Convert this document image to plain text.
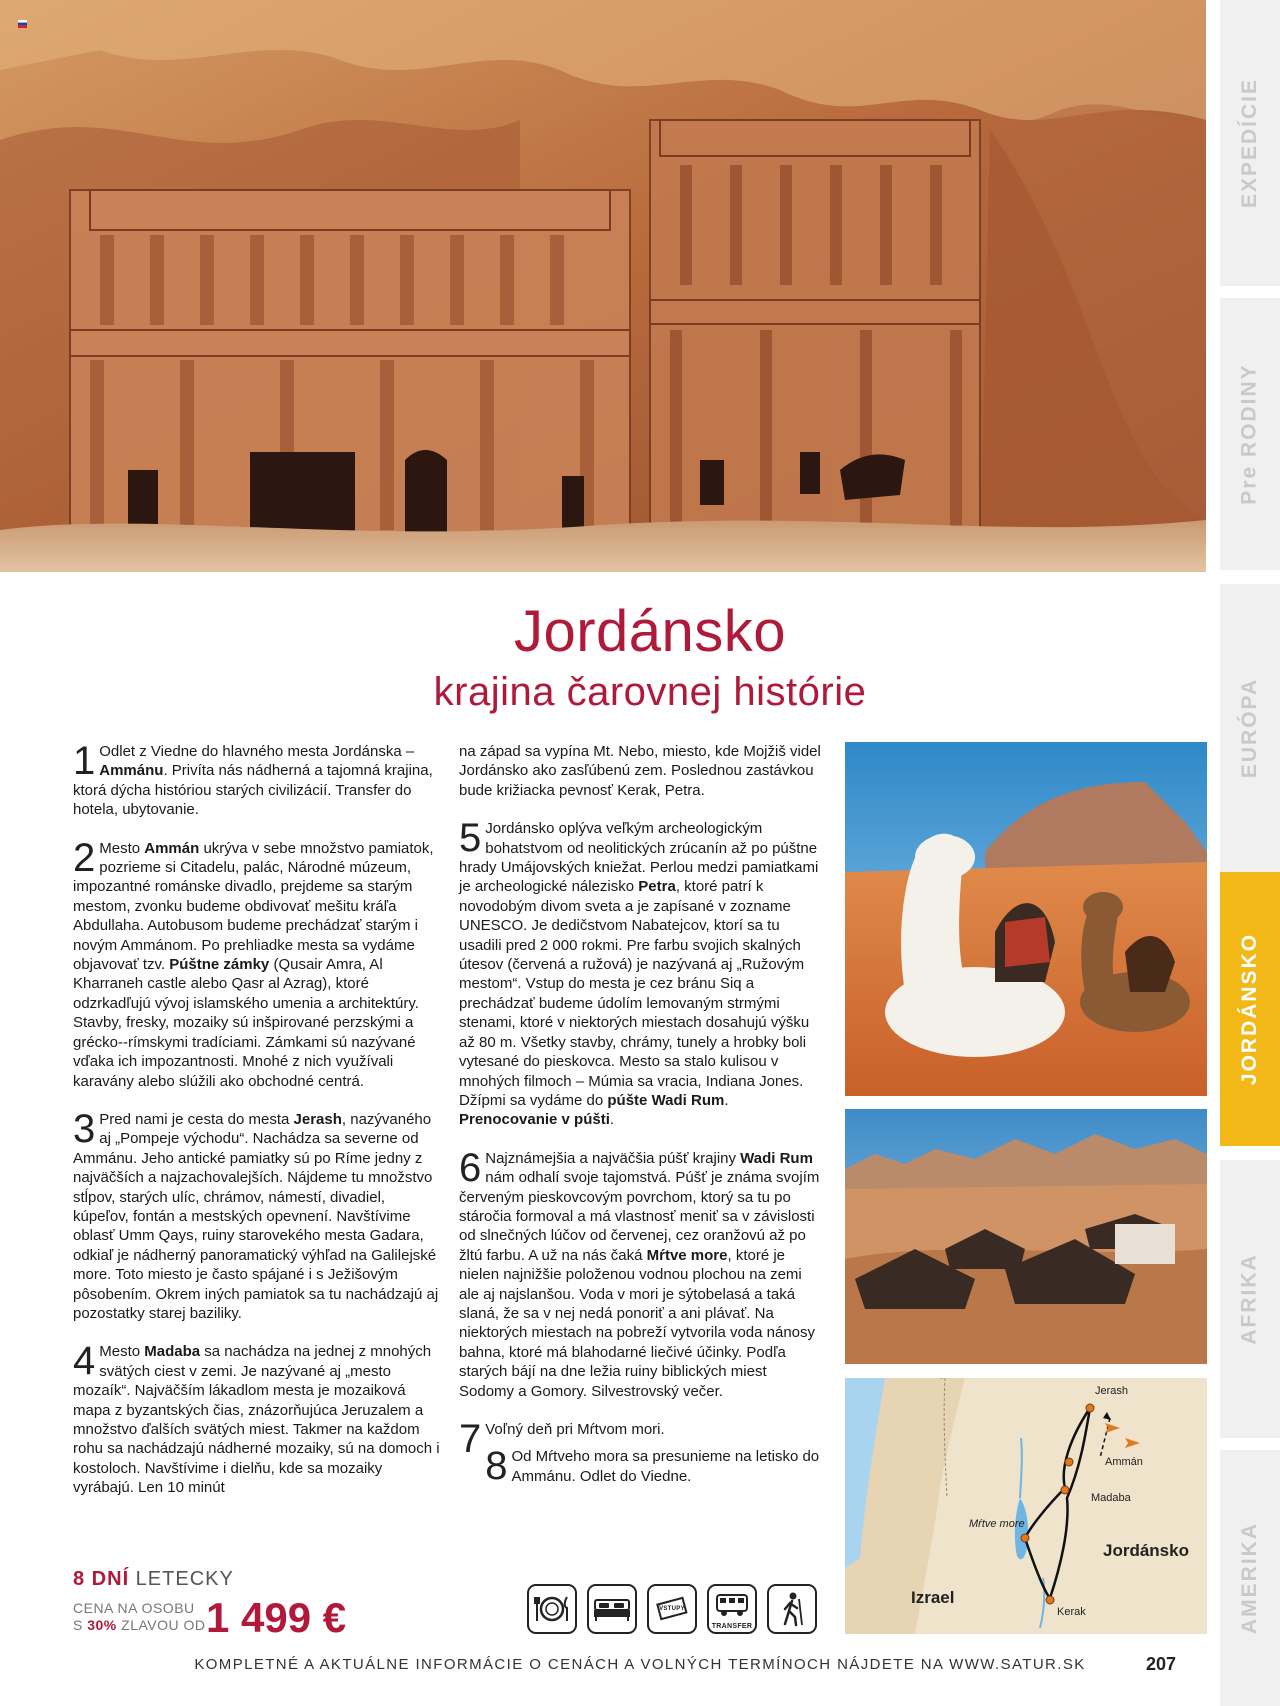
EXPEDÍCIE
Pre RODINY
EURÓPA
JORDÁNSKO
AFRIKA
AMERIKA
Jordánsko
krajina čarovnej histórie
1 Odlet z Viedne do hlavného mesta Jordánska – Ammánu. Privíta nás nádherná a tajomná krajina, ktorá dýcha históriou starých civilizácií. Transfer do hotela, ubytovanie.
2 Mesto Ammán ukrýva v sebe množstvo pamiatok, pozrieme si Citadelu, palác, Národné múzeum, impozantné románske divadlo, prejdeme sa starým mestom, zvonku budeme obdivovať mešitu kráľa Abdullaha. Autobusom budeme prechádzať starým i novým Ammánom. Po prehliadke mesta sa vydáme objavovať tzv. Púštne zámky (Qusair Amra, Al Kharraneh castle alebo Qasr al Azrag), ktoré odzrkadľujú vývoj islamského umenia a architektúry. Stavby, fresky, mozaiky sú inšpirované perzskými a grécko--rímskymi tradíciami. Zámkami sú nazývané vďaka ich impozantnosti. Mnohé z nich využívali karavány alebo slúžili ako obchodné centrá.
3 Pred nami je cesta do mesta Jerash, nazývaného aj „Pompeje východu“. Nachádza sa severne od Ammánu. Jeho antické pamiatky sú po Ríme jedny z najväčších a najzachovalejších. Nájdeme tu množstvo stĺpov, starých ulíc, chrámov, námestí, divadiel, kúpeľov, fontán a mestských opevnení. Navštívime oblasť Umm Qays, ruiny starovekého mesta Gadara, odkiaľ je nádherný panoramatický výhľad na Galilejské more. Toto miesto je často spájané i s Ježišovým pôsobením. Okrem iných pamiatok sa tu nachádzajú aj pozostatky starej baziliky.
4 Mesto Madaba sa nachádza na jednej z mnohých svätých ciest v zemi. Je nazývané aj „mesto mozaík“. Najväčším lákadlom mesta je mozaiková mapa z byzantských čias, znázorňujúca Jeruzalem a množstvo ďalších svätých miest. Takmer na každom rohu sa nachádzajú nádherné mozaiky, sú na domoch i kostoloch. Navštívime i dielňu, kde sa mozaiky vyrábajú. Len 10 minút
na západ sa vypína Mt. Nebo, miesto, kde Mojžiš videl Jordánsko ako zasľúbenú zem. Poslednou zastávkou bude križiacka pevnosť Kerak, Petra.
5 Jordánsko oplýva veľkým archeologickým bohatstvom od neolitických zrúcanín až po púštne hrady Umájovských kniežat. Perlou medzi pamiatkami je archeologické nálezisko Petra, ktoré patrí k novodobým divom sveta a je zapísané v zozname UNESCO. Je dedičstvom Nabatejcov, ktorí sa tu usadili pred 2 000 rokmi. Pre farbu svojich skalných útesov (červená a ružová) je nazývaná aj „Ružovým mestom“. Vstup do mesta je cez bránu Siq a prechádzať budeme údolím lemovaným strmými stenami, ktoré v niektorých miestach dosahujú výšku až 80 m. Všetky stavby, chrámy, tunely a hrobky boli vytesané do pieskovca. Mesto sa stalo kulisou v mnohých filmoch – Múmia sa vracia, Indiana Jones. Džípmi sa vydáme do púšte Wadi Rum. Prenocovanie v púšti.
6 Najznámejšia a najväčšia púšť krajiny Wadi Rum nám odhalí svoje tajomstvá. Púšť je známa svojím červeným pieskovcovým povrchom, ktorý sa tu po stáročia formoval a má vlastnosť meniť sa v závislosti od slnečných lúčov od červenej, cez oranžovú až po žltú farbu. A už na nás čaká Mŕtve more, ktoré je nielen najnižšie položenou vodnou plochou na zemi ale aj najslanšou. Voda v mori je sýtobelasá a taká slaná, že sa v nej nedá ponoriť a ani plávať. Na niektorých miestach na pobreží vytvorila voda nánosy bahna, ktoré má blahodarné liečivé účinky. Podľa starých bájí na dne ležia ruiny biblických miest Sodomy a Gomory. Silvestrovský večer.
7 Voľný deň pri Mŕtvom mori.
8 Od Mŕtveho mora sa presunieme na letisko do Ammánu. Odlet do Viedne.
Jerash
Ammán
Madaba
Mŕtve more
Kerak
Jordánsko
Izrael
8 DNÍ LETECKY
CENA NA OSOBU
S 30% ZLAVOU OD 1 499 €	VSTUPY
TRANSFER
KOMPLETNÉ A AKTUÁLNE INFORMÁCIE O CENÁCH A VOLNÝCH TERMÍNOCH NÁJDETE NA WWW.SATUR.SK	207
